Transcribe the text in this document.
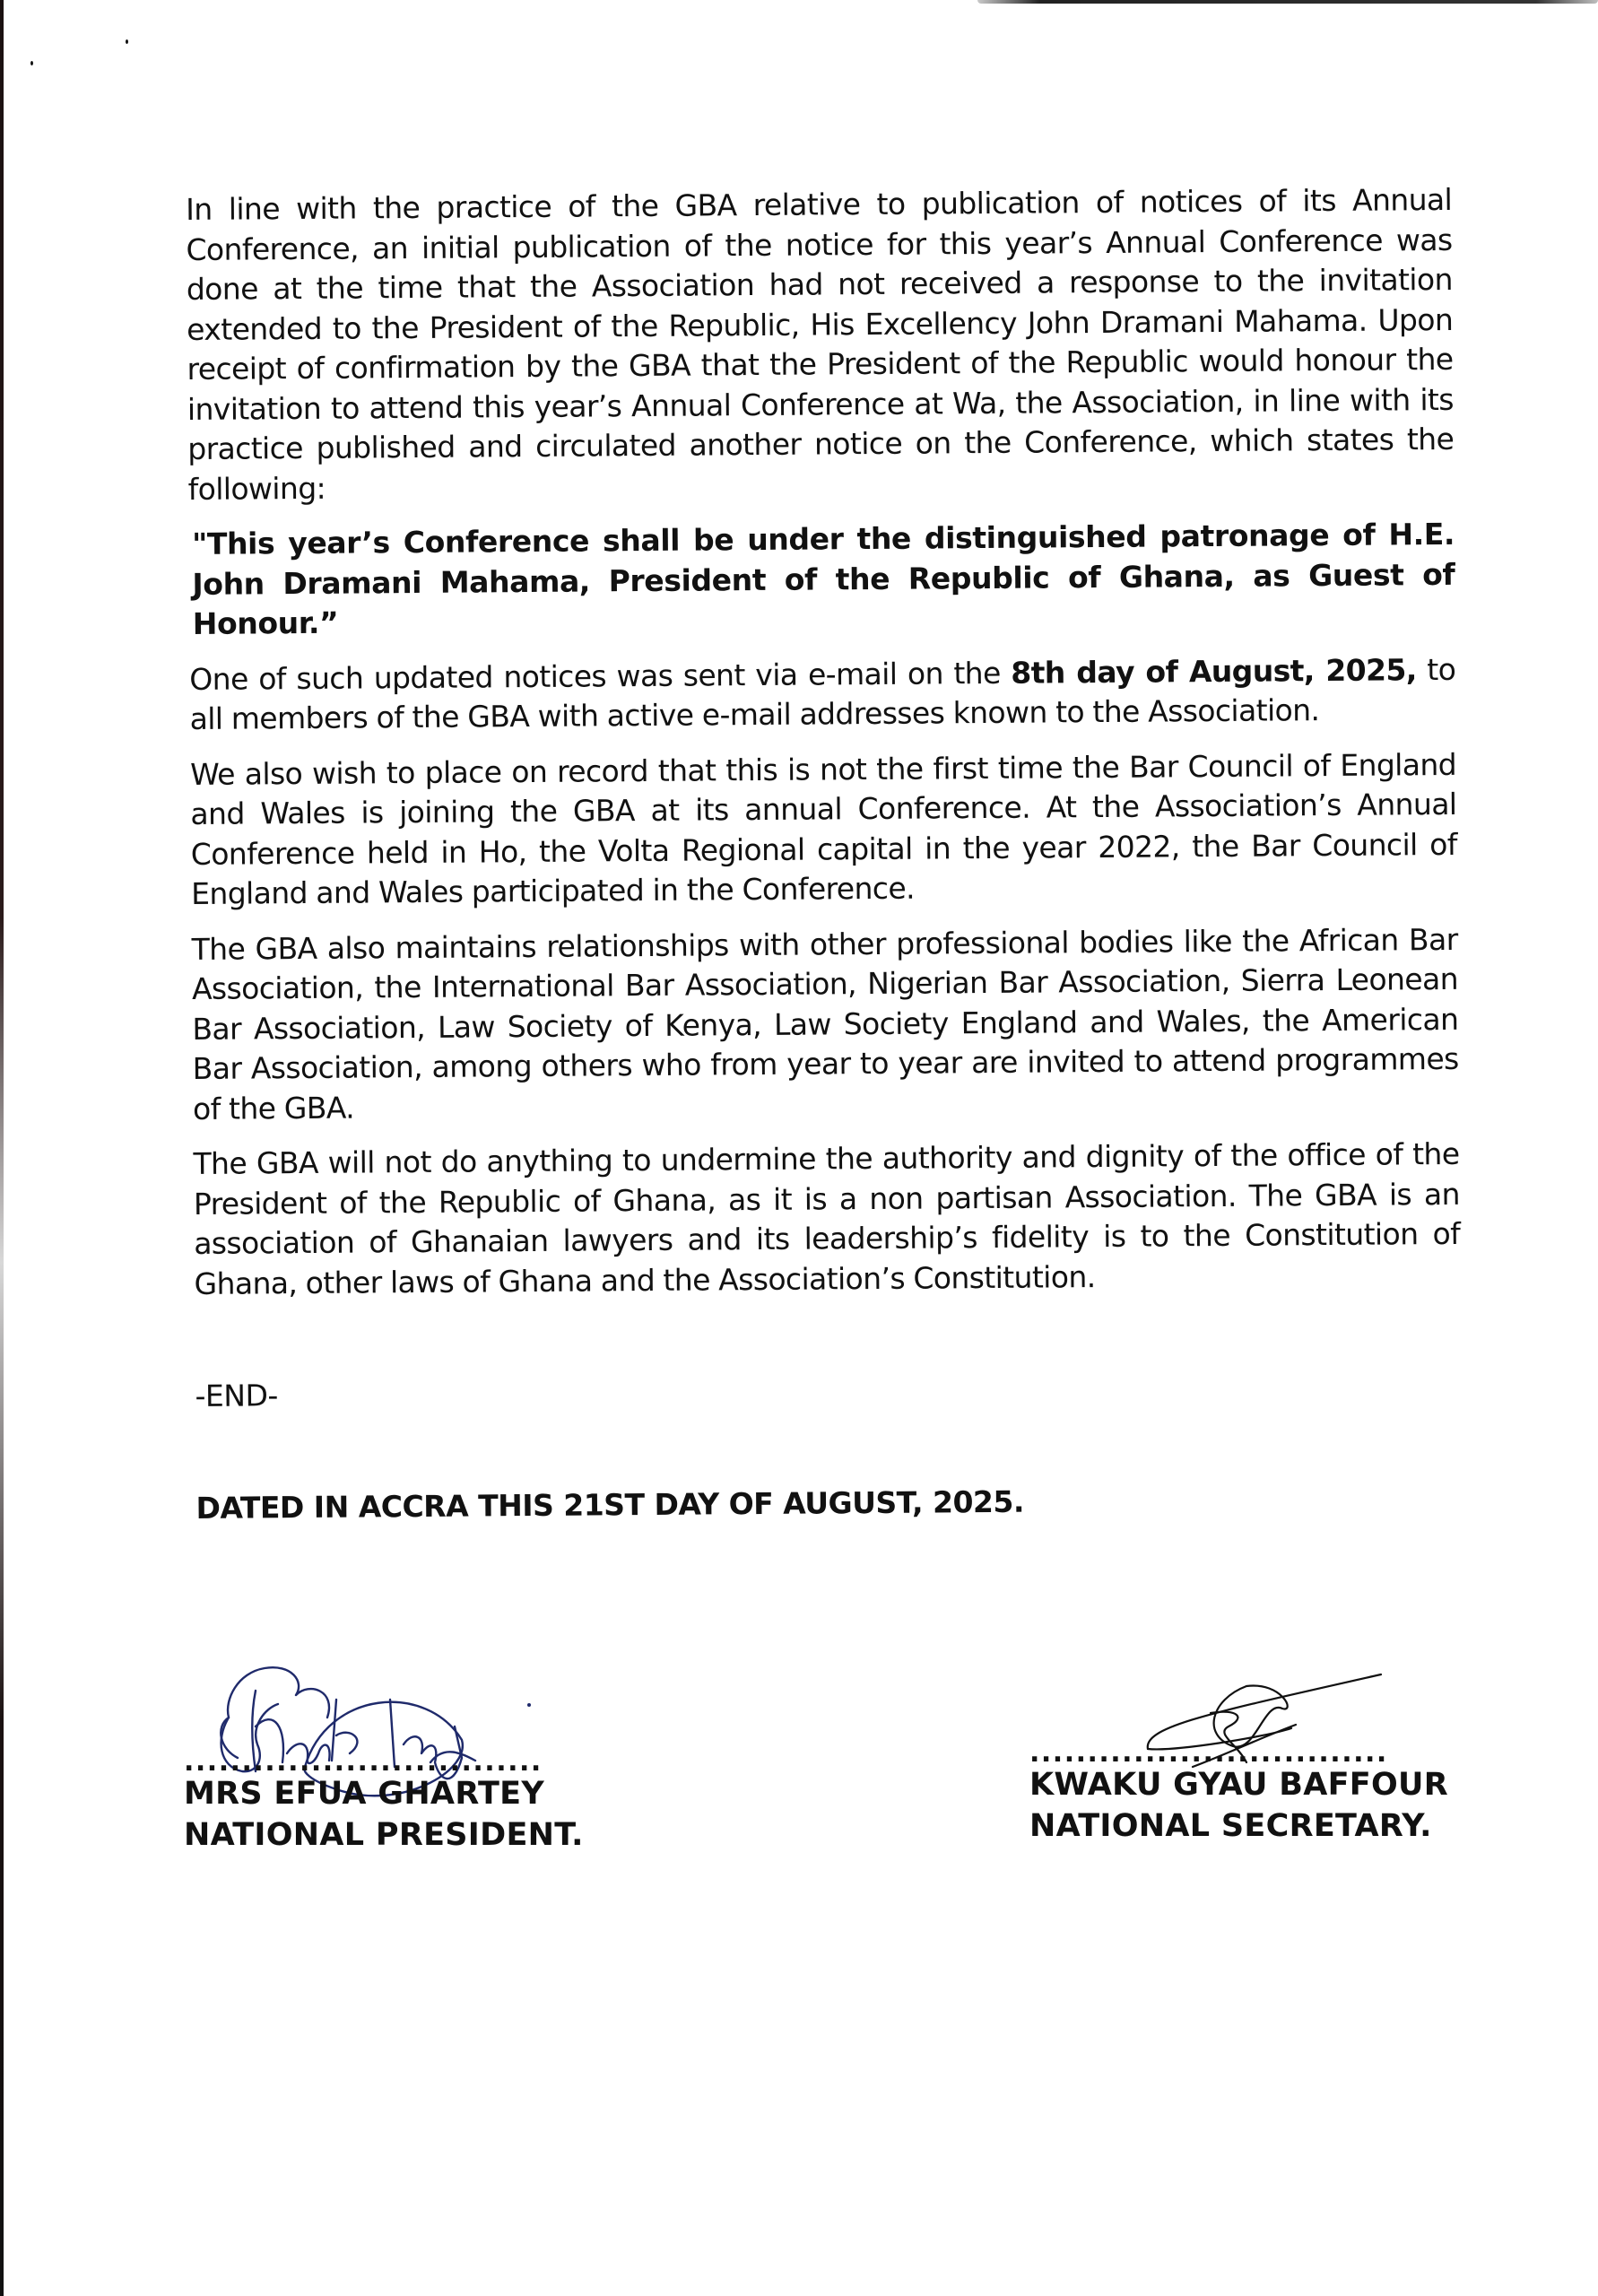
In line with the practice of the GBA relative to publication of notices of its Annual Conference, an initial publication of the notice for this year’s Annual Conference was done at the time that the Association had not received a response to the invitation extended to the President of the Republic, His Excellency John Dramani Mahama. Upon receipt of confirmation by the GBA that the President of the Republic would honour the invitation to attend this year’s Annual Conference at Wa, the Association, in line with its practice published and circulated another notice on the Conference, which states the following:

"This year’s Conference shall be under the distinguished patronage of H.E. John Dramani Mahama, President of the Republic of Ghana, as Guest of Honour.”

One of such updated notices was sent via e-mail on the 8th day of August, 2025, to all members of the GBA with active e-mail addresses known to the Association.

We also wish to place on record that this is not the first time the Bar Council of England and Wales is joining the GBA at its annual Conference. At the Association’s Annual Conference held in Ho, the Volta Regional capital in the year 2022, the Bar Council of England and Wales participated in the Conference.

The GBA also maintains relationships with other professional bodies like the African Bar Association, the International Bar Association, Nigerian Bar Association, Sierra Leonean Bar Association, Law Society of Kenya, Law Society England and Wales, the American Bar Association, among others who from year to year are invited to attend programmes of the GBA.

The GBA will not do anything to undermine the authority and dignity of the office of the President of the Republic of Ghana, as it is a non partisan Association. The GBA is an association of Ghanaian lawyers and its leadership’s fidelity is to the Constitution of Ghana, other laws of Ghana and the Association’s Constitution.

-END-
DATED IN ACCRA THIS 21ST DAY OF AUGUST, 2025.
...............................
MRS EFUA GHARTEY
NATIONAL PRESIDENT.
...............................
KWAKU GYAU BAFFOUR
NATIONAL SECRETARY.
